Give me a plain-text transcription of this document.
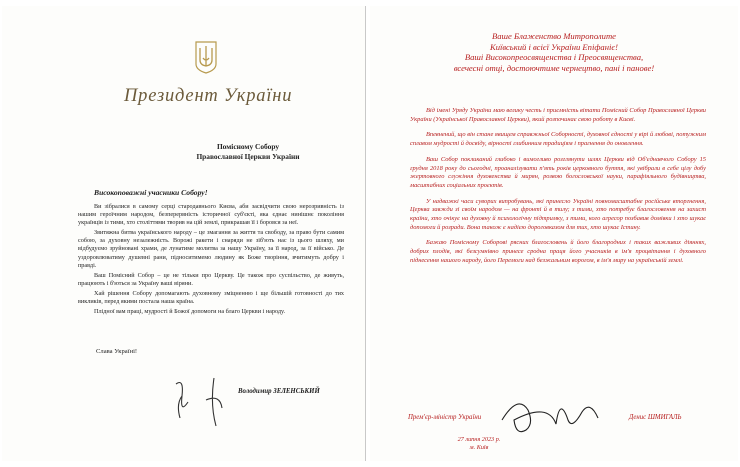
Президент України
Помісному Собору
Православної Церкви України
Високоповажні учасники Собору!

Ви зібралися в самому серці стародавнього Києва, аби засвідчити свою нерозривність із нашим героїчним народом, безперервність історичної суб'єкті, яка єднає нинішнє покоління українців із тими, хто століттями творив на цій землі, прикрашав її і боровся за неї.

Звитяжна битва українського народу – це змагання за життя та свободу, за право бути самим собою, за духовну незалежність. Ворожі ракети і снаряди не зіб'ють нас із цього шляху, ми відбудуємо зруйновані храми, де лунатиме молитва за нашу Україну, за її народ, за її військо. Де уздоровлюватиму душевні рани, підноситимемо людину як Боже творіння, вчитимуть добру і правді.

Ваш Помісний Собор – це не тільки про Церкву. Це також про суспільство, де живуть, працюють і б'ються за Україну ваші віряни.

Хай рішення Собору допомагають духовному змiцненню і ще більшій готовності до тих викликів, перед якими постала наша країна.

Плідної вам праці, мудрості й Божої допомоги на благо Церкви і народу.

Слава Україні!
Володимир ЗЕЛЕНСЬКИЙ
Ваше Блаженство Митрополите
Київський і всієї України Епіфаніє!
Ваші Високопреосвященства і Преосвященства,
всечесні отці, достоючтиме чернецтво, пані і панове!

Від імені Уряду України маю велику честь і приємність вітати Помісний Собор Православної Церкви України (Української Православної Церкви), який розпочинає свою роботу в Києві.

Впевнений, що він стане явищем справжньої Соборності, духовної єдності у вірі й любові, потужним сплавом мудрості й досвіду, вірності глибинним традиціям і прагнення до оновлення.

Ваш Собор покликаний глибоко і вимогливо розглянути шлях Церкви від Об'єднавчого Собору 15 грудня 2018 року до сьогодні, проаналізувати п'ять років церковного буття, які увібрали в себе цілу добу жертовного служіння духовенства й мирян, розвою богословської науки, парафіяльного будівництва, масштабних соціальних проєктів.

У надважкі часи суворих випробувань, які принесло Україні повномасштабне російське вторгнення, Церква завжди зі своїм народом — на фронті й в тилу; з тими, хто потребує благословення на захист країни, хто очікує на духовну й психологічну підтримку, з тими, кого агресор позбавив домівки і хто шукає допомоги й розради. Вона також є надією дороговказом для тих, хто шукає Істину.

Бажаю Помісному Соборові рясних благословень й його благородних і таких важливих діяннях, добрих плодів, які безсумнівно принесе сродна праця його учасників в ім'я процвітання і духовного піднесення нашого народу, його Перемоги над безжальним ворогом, в ім'я миру на українській землі.

Прем'єр-міністр України	Денис ШМИГАЛЬ
27 липня 2023 р.
м. Київ
